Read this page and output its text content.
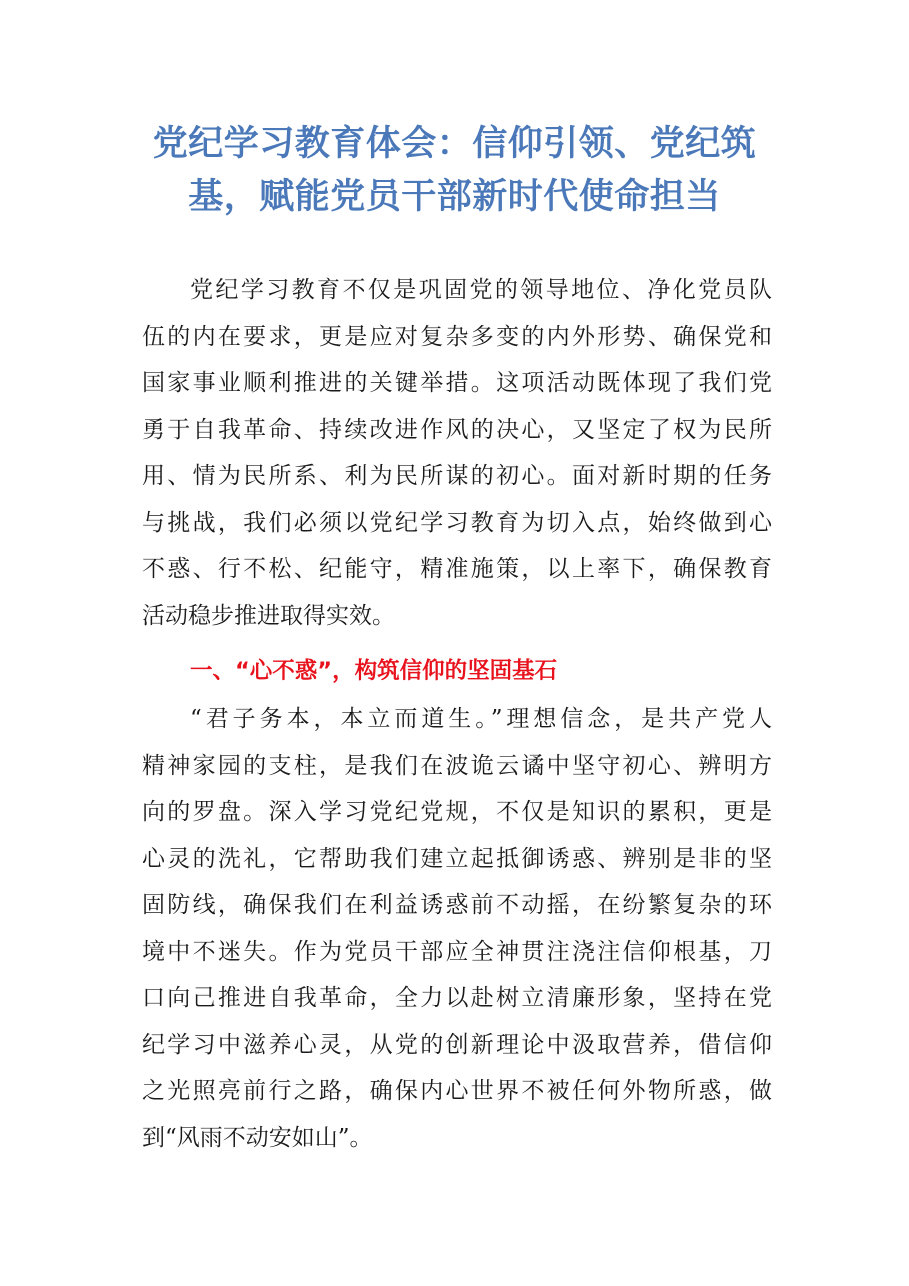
党纪学习教育体会：信仰引领、党纪筑
基，赋能党员干部新时代使命担当
党纪学习教育不仅是巩固党的领导地位、净化党员队
伍的内在要求，更是应对复杂多变的内外形势、确保党和
国家事业顺利推进的关键举措。这项活动既体现了我们党
勇于自我革命、持续改进作风的决心，又坚定了权为民所
用、情为民所系、利为民所谋的初心。面对新时期的任务
与挑战，我们必须以党纪学习教育为切入点，始终做到心
不惑、行不松、纪能守，精准施策，以上率下，确保教育
活动稳步推进取得实效。
一、“心不惑”，构筑信仰的坚固基石
“君子务本，本立而道生。”理想信念，是共产党人
精神家园的支柱，是我们在波诡云谲中坚守初心、辨明方
向的罗盘。深入学习党纪党规，不仅是知识的累积，更是
心灵的洗礼，它帮助我们建立起抵御诱惑、辨别是非的坚
固防线，确保我们在利益诱惑前不动摇，在纷繁复杂的环
境中不迷失。作为党员干部应全神贯注浇注信仰根基，刀
口向己推进自我革命，全力以赴树立清廉形象，坚持在党
纪学习中滋养心灵，从党的创新理论中汲取营养，借信仰
之光照亮前行之路，确保内心世界不被任何外物所惑，做
到“风雨不动安如山”。
